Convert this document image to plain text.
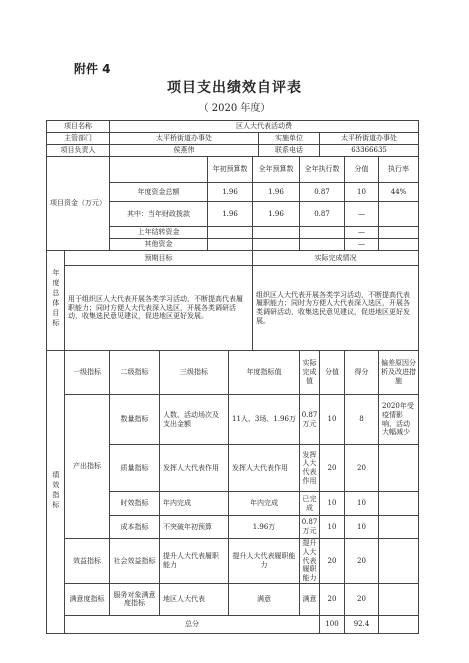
附件 4
项目支出绩效自评表
（ 2020 年度）
项目名称		区人大代表活动费										
主管部门		太平桥街道办事处					实施单位		太平桥街道办事处			
项目负责人		侯燕伟					联系电话		63366635			
项目资金（万元）				年初预算数		全年预算数		全年执行数		分值	执行率	
		年度资金总额		1.96		1.96		0.87		10	44%	
		其中：当年财政拨款		1.96		1.96		0.87		—		
		上年结转资金								—		
		其他资金								—		
年度总体目标	预期目标					实际完成情况						
	用于组织区人大代表开展各类学习活动，不断提高代表履职能力；同时方便人大代表深入选区，开展各类调研活动，收集选民意见建议，促进地区更好发展。					组织区人大代表开展各类学习活动，不断提高代表履职能力；同时为方便人大代表深入选区，开展各类调研活动，收集选民意见建议，促进地区更好发展。						
绩效指标	一级指标	二级指标	三级指标		年度指标值			实际完成值	分值	得分	偏差原因分析及改进措施	
	产出指标	数量指标	人数、活动场次及支出金额		11人、3场、1.96万			0.87万元	10	8	2020年受疫情影响，活动大幅减少	
		质量指标	发挥人大代表作用		发挥人大代表作用			发挥人大代表作用	20	20		
		时效指标	年内完成		年内完成			已完成	10	10		
		成本指标	不突破年初预算		1.96万			0.87万元	10	10		
	效益指标	社会效益指标	提升人大代表履职能力		提升人大代表履职能力			提升人大代表履职能力	20	20		
	满意度指标	服务对象满意度指标	地区人大代表		满意			满意	20	20		
	总分								100	92.4		
